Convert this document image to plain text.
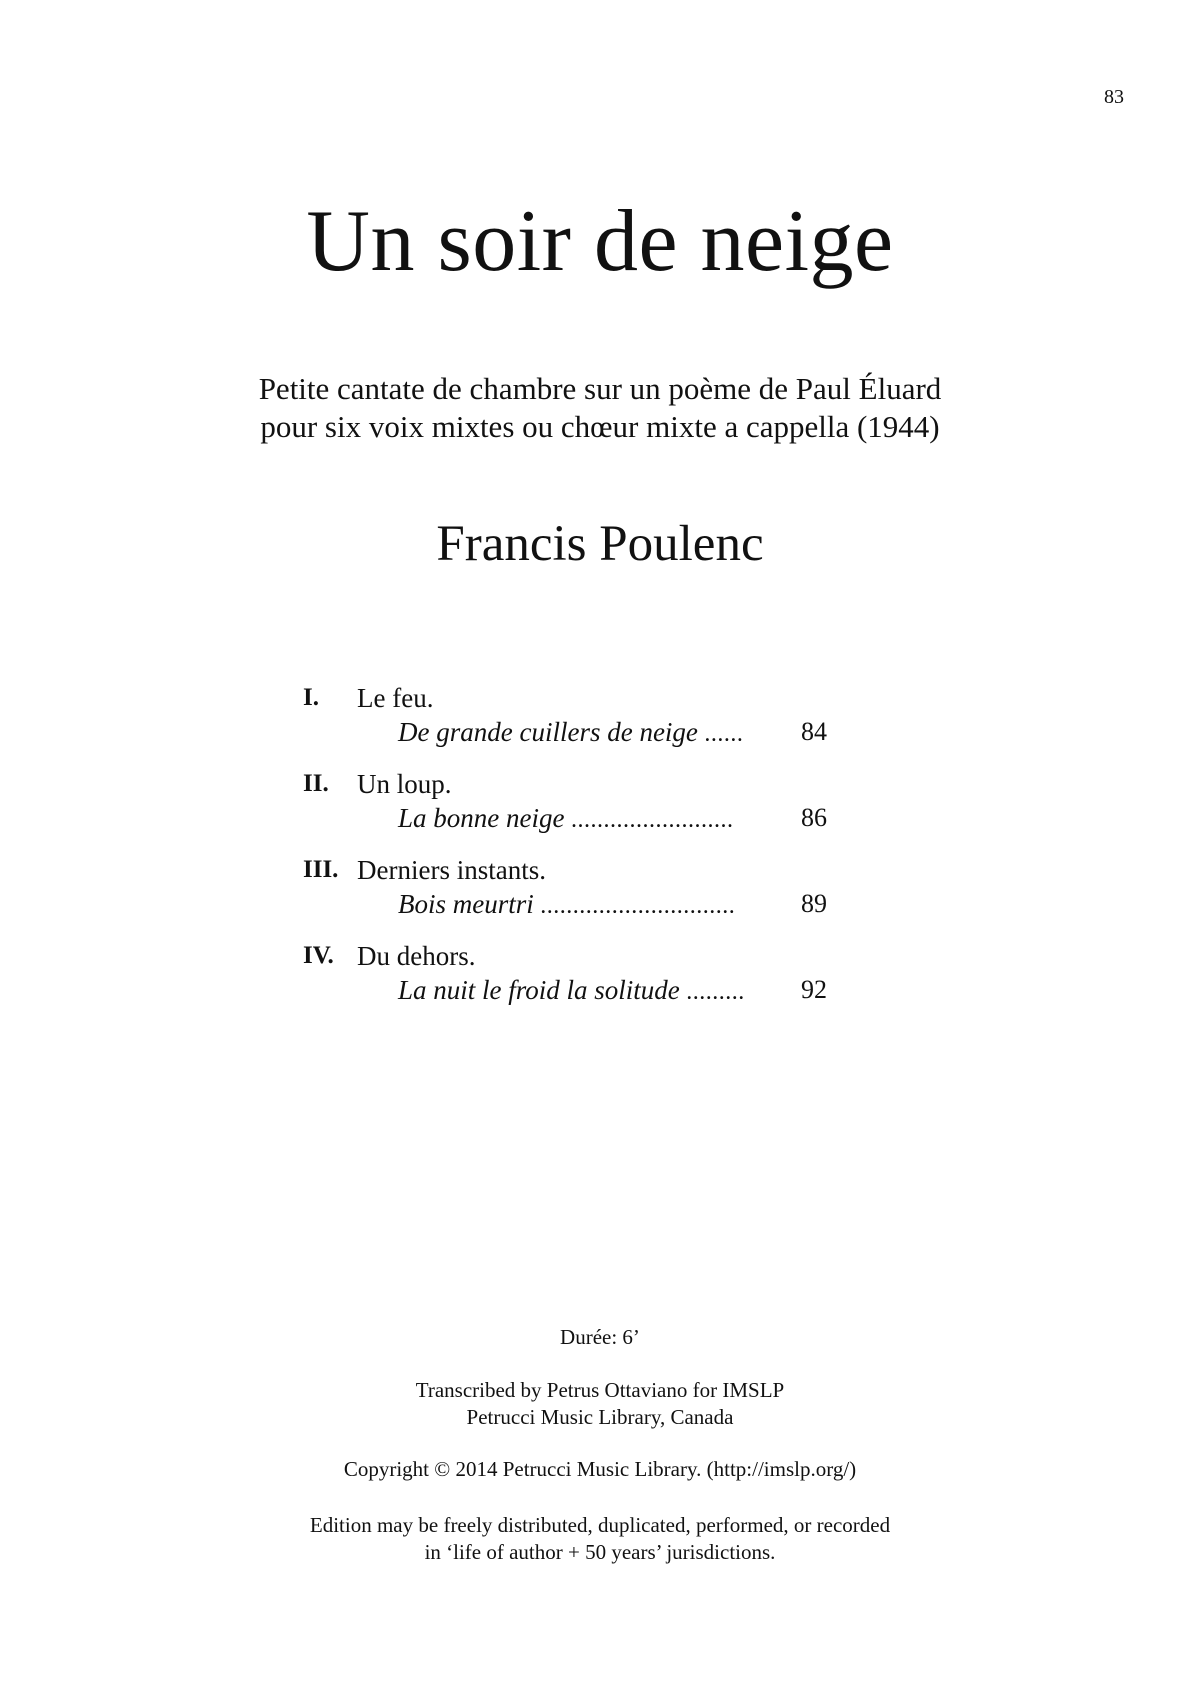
83
Un soir de neige
Petite cantate de chambre sur un poème de Paul Éluard
pour six voix mixtes ou chœur mixte a cappella (1944)
Francis Poulenc
I. Le feu.
De grande cuillers de neige ...... 84
II. Un loup.
La bonne neige .........................	86
III. Derniers instants.
Bois meurtri ..............................	89
IV. Du dehors.
La nuit le froid la solitude ......... 92
Durée: 6’
Transcribed by Petrus Ottaviano for IMSLP
Petrucci Music Library, Canada
Copyright © 2014 Petrucci Music Library. (http://imslp.org/)
Edition may be freely distributed, duplicated, performed, or recorded
in ‘life of author + 50 years’ jurisdictions.
